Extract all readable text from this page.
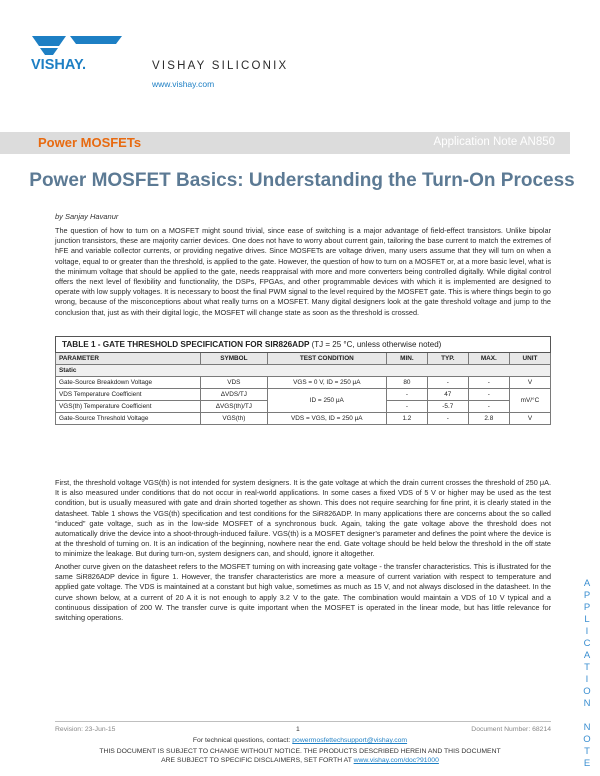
VISHAY.	VISHAY SILICONIX
www.vishay.com
Power MOSFETs	Application Note AN850
Power MOSFET Basics: Understanding the Turn-On Process
by Sanjay Havanur

The question of how to turn on a MOSFET might sound trivial, since ease of switching is a major advantage of field-effect transistors. Unlike bipolar junction transistors, these are majority carrier devices. One does not have to worry about current gain, tailoring the base current to match the extremes of hFE and variable collector currents, or providing negative drives. Since MOSFETs are voltage driven, many users assume that they will turn on when a voltage, equal to or greater than the threshold, is applied to the gate. However, the question of how to turn on a MOSFET or, at a more basic level, what is the minimum voltage that should be applied to the gate, needs reappraisal with more and more converters being controlled digitally. While digital control offers the next level of flexibility and functionality, the DSPs, FPGAs, and other programmable devices with which it is implemented are designed to operate with low supply voltages. It is necessary to boost the final PWM signal to the level required by the MOSFET gate. This is where things begin to go wrong, because of the misconceptions about what really turns on a MOSFET. Many digital designers look at the gate threshold voltage and jump to the conclusion that, just as with their digital logic, the MOSFET will change state as soon as the threshold is crossed.

TABLE 1 - GATE THRESHOLD SPECIFICATION FOR SIR826ADP (TJ = 25 °C, unless otherwise noted)						
PARAMETER	SYMBOL	TEST CONDITION	MIN.	TYP.	MAX.	UNIT
Static						
Gate-Source Breakdown Voltage	VDS	VGS = 0 V, ID = 250 μA	80	-	-	V
VDS Temperature Coefficient	ΔVDS/TJ	ID = 250 μA	-	47	-	mV/°C
VGS(th) Temperature Coefficient	ΔVGS(th)/TJ		-	-5.7	-	
Gate-Source Threshold Voltage	VGS(th)	VDS = VGS, ID = 250 μA	1.2	-	2.8	V

First, the threshold voltage VGS(th) is not intended for system designers. It is the gate voltage at which the drain current crosses the threshold of 250 μA. It is also measured under conditions that do not occur in real-world applications. In some cases a fixed VDS of 5 V or higher may be used as the test condition, but is usually measured with gate and drain shorted together as shown. This does not require searching for fine print, it is clearly stated in the datasheet. Table 1 shows the VGS(th) specification and test conditions for the SiR826ADP. In many applications there are concerns about the so called “induced” gate voltage, such as in the low-side MOSFET of a synchronous buck. Again, taking the gate voltage above the threshold does not automatically drive the device into a shoot-through-induced failure. VGS(th) is a MOSFET designer’s parameter and defines the point where the device is at the threshold of turning on. It is an indication of the beginning, nowhere near the end. Gate voltage should be held below the threshold in the off state to minimize the leakage. But during turn-on, system designers can, and should, ignore it altogether.

Another curve given on the datasheet refers to the MOSFET turning on with increasing gate voltage - the transfer characteristics. This is illustrated for the same SiR826ADP device in figure 1. However, the transfer characteristics are more a measure of current variation with respect to temperature and applied gate voltage. The VDS is maintained at a constant but high value, sometimes as much as 15 V, and not always disclosed in the datasheet. In the curve shown below, at a current of 20 A it is not enough to apply 3.2 V to the gate. The combination would maintain a VDS of 10 V typical and a continuous dissipation of 200 W. The transfer curve is quite important when the MOSFET is operated in the linear mode, but has little relevance for switching operations.

A
P
P
L
I
C
A
T
I
O
N

N
O
T
E
Revision: 23-Jun-15	1	Document Number: 68214
For technical questions, contact: powermosfettechsupport@vishay.com
THIS DOCUMENT IS SUBJECT TO CHANGE WITHOUT NOTICE. THE PRODUCTS DESCRIBED HEREIN AND THIS DOCUMENT
ARE SUBJECT TO SPECIFIC DISCLAIMERS, SET FORTH AT www.vishay.com/doc?91000
